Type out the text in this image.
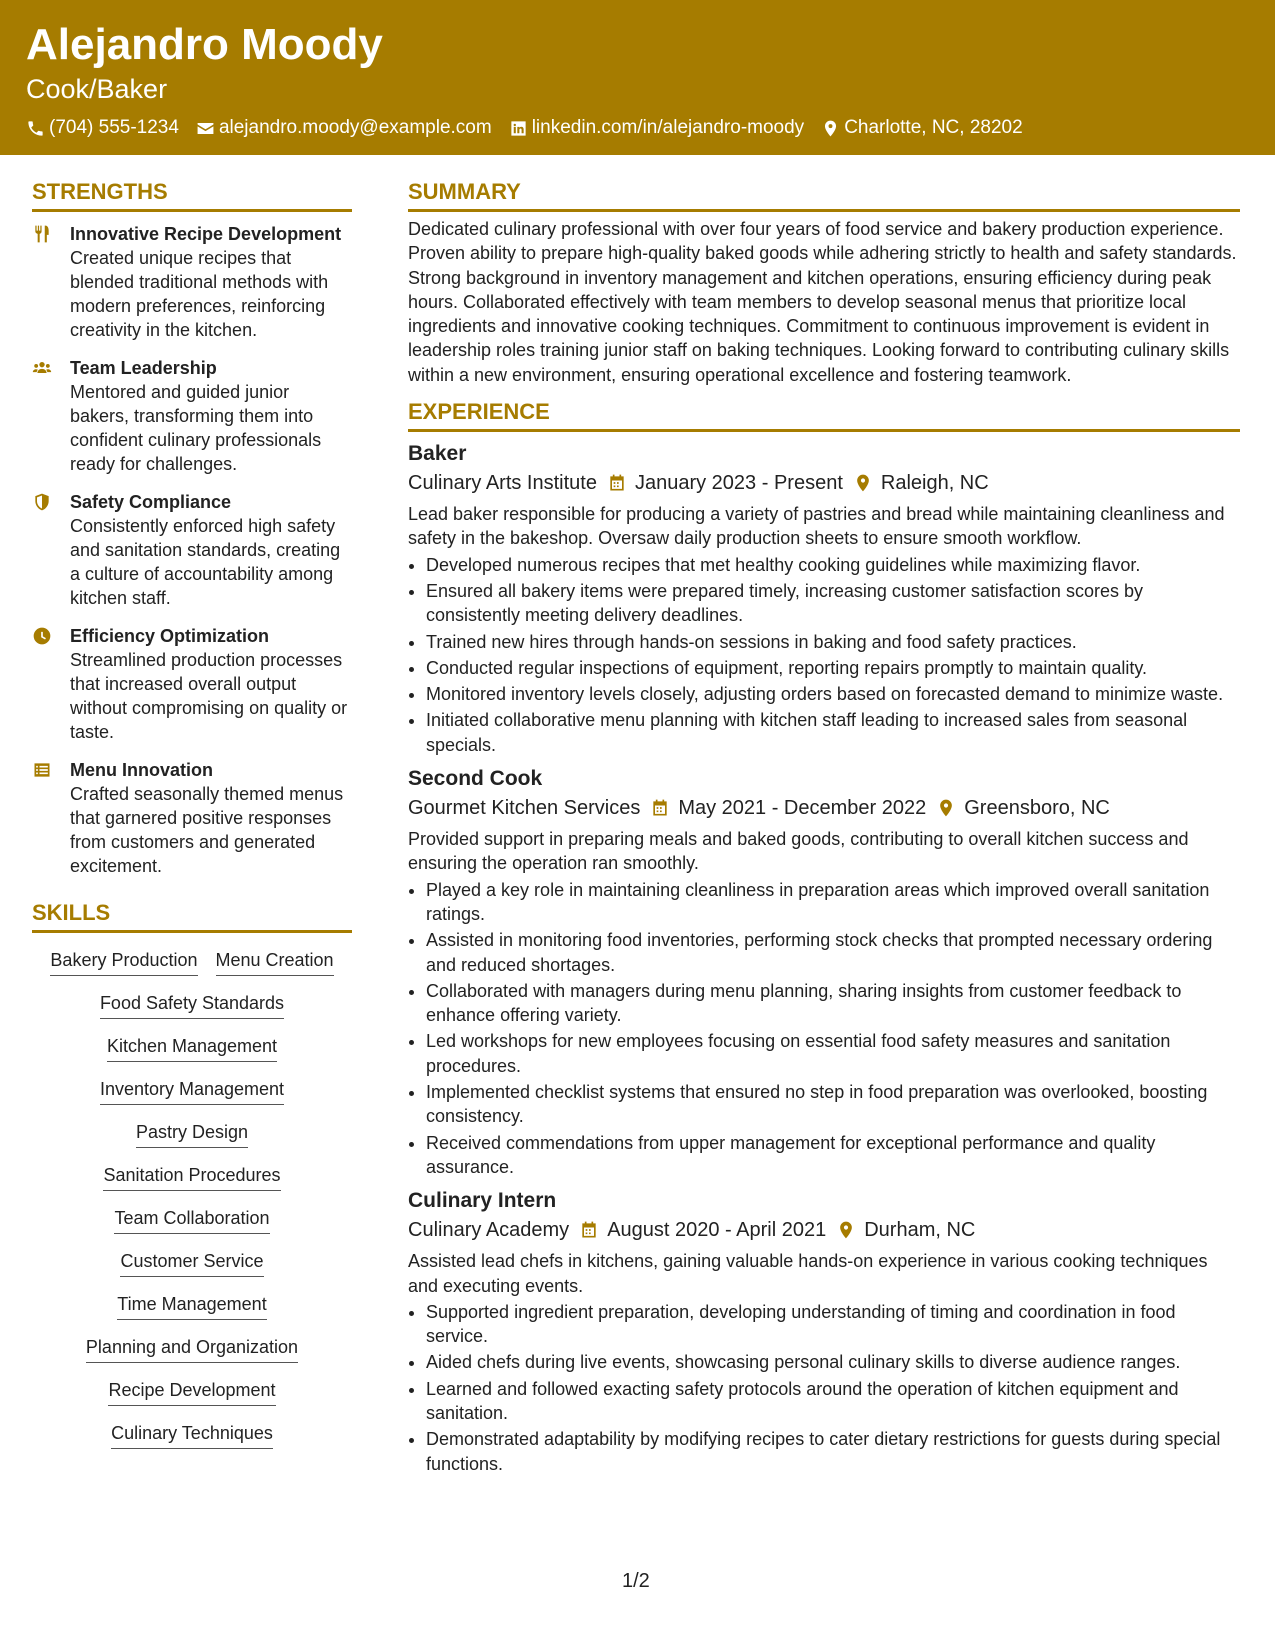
Alejandro Moody
Cook/Baker
(704) 555-1234 alejandro.moody@example.com linkedin.com/in/alejandro-moody Charlotte, NC, 28202
STRENGTHS
Innovative Recipe Development
Created unique recipes that blended traditional methods with modern preferences, reinforcing creativity in the kitchen.
Team Leadership
Mentored and guided junior bakers, transforming them into confident culinary professionals ready for challenges.
Safety Compliance
Consistently enforced high safety and sanitation standards, creating a culture of accountability among kitchen staff.
Efficiency Optimization
Streamlined production processes that increased overall output without compromising on quality or taste.
Menu Innovation
Crafted seasonally themed menus that garnered positive responses from customers and generated excitement.
SKILLS
Bakery Production Menu Creation
Food Safety Standards
Kitchen Management
Inventory Management
Pastry Design
Sanitation Procedures
Team Collaboration
Customer Service
Time Management
Planning and Organization
Recipe Development
Culinary Techniques
SUMMARY
Dedicated culinary professional with over four years of food service and bakery production experience. Proven ability to prepare high-quality baked goods while adhering strictly to health and safety standards. Strong background in inventory management and kitchen operations, ensuring efficiency during peak hours. Collaborated effectively with team members to develop seasonal menus that prioritize local ingredients and innovative cooking techniques. Commitment to continuous improvement is evident in leadership roles training junior staff on baking techniques. Looking forward to contributing culinary skills within a new environment, ensuring operational excellence and fostering teamwork.
EXPERIENCE
Baker
Culinary Arts Institute January 2023 - Present Raleigh, NC
Lead baker responsible for producing a variety of pastries and bread while maintaining cleanliness and safety in the bakeshop. Oversaw daily production sheets to ensure smooth workflow.
• Developed numerous recipes that met healthy cooking guidelines while maximizing flavor.
• Ensured all bakery items were prepared timely, increasing customer satisfaction scores by consistently meeting delivery deadlines.
• Trained new hires through hands-on sessions in baking and food safety practices.
• Conducted regular inspections of equipment, reporting repairs promptly to maintain quality.
• Monitored inventory levels closely, adjusting orders based on forecasted demand to minimize waste.
• Initiated collaborative menu planning with kitchen staff leading to increased sales from seasonal specials.
Second Cook
Gourmet Kitchen Services May 2021 - December 2022 Greensboro, NC
Provided support in preparing meals and baked goods, contributing to overall kitchen success and ensuring the operation ran smoothly.
• Played a key role in maintaining cleanliness in preparation areas which improved overall sanitation ratings.
• Assisted in monitoring food inventories, performing stock checks that prompted necessary ordering and reduced shortages.
• Collaborated with managers during menu planning, sharing insights from customer feedback to enhance offering variety.
• Led workshops for new employees focusing on essential food safety measures and sanitation procedures.
• Implemented checklist systems that ensured no step in food preparation was overlooked, boosting consistency.
• Received commendations from upper management for exceptional performance and quality assurance.
Culinary Intern
Culinary Academy August 2020 - April 2021 Durham, NC
Assisted lead chefs in kitchens, gaining valuable hands-on experience in various cooking techniques and executing events.
• Supported ingredient preparation, developing understanding of timing and coordination in food service.
• Aided chefs during live events, showcasing personal culinary skills to diverse audience ranges.
• Learned and followed exacting safety protocols around the operation of kitchen equipment and sanitation.
• Demonstrated adaptability by modifying recipes to cater dietary restrictions for guests during special functions.
1/2
